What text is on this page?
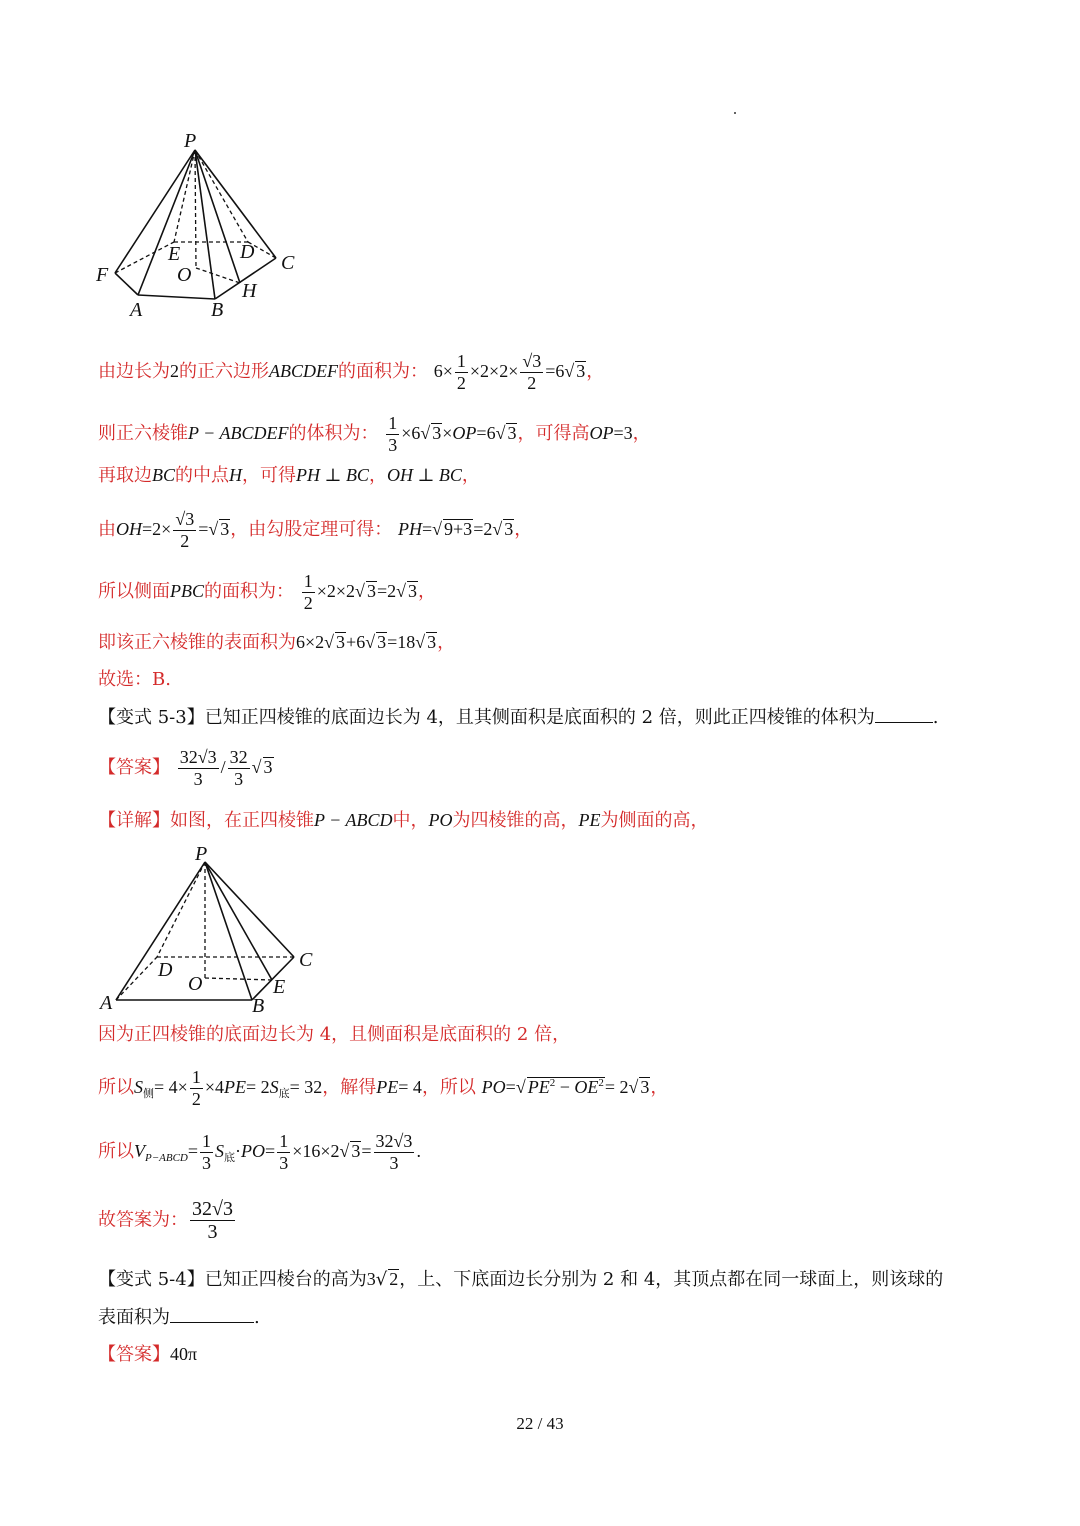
P
E	D C
F	O
H
A	B
由边长为2的正六边形ABCDEF的面积为： $6\times \frac{1}{2} \times 2\times 2\times \frac{√3}{2} =6√$ 3，
则正六棱锥P − ABCDEF的体积为： $\frac{1}{3} \times 6√$ 3×OP=6√ 3，可得高OP=3，
再取边BC的中点H，可得PH ⊥ BC，OH ⊥ BC，
由$OH=2\times \frac{√3}{2}$ =√ 3，由勾股定理可得： PH=√ 9+3=2√ 3，
所以侧面PBC的面积为： $\frac{1}{2} \times 2\times 2√$ 3=2√ 3，
即该正六棱锥的表面积为6×2√ 3+6√ 3=18√ 3，
故选：B.
【变式 5-3】已知正四棱锥的底面边长为 4，且其侧面积是底面积的 2 倍，则此正四棱锥的体积为	.
【答案】 $\frac{32√3}{3} / \frac{32}{3}$ √ 3
【详解】如图，在正四棱锥P − ABCD中，PO为四棱锥的高，PE为侧面的高，
P
D	C
O	E
A	B
因为正四棱锥的底面边长为 4，且侧面积是底面积的 2 倍，
所以$S_侧= 4\times \frac{1}{2} \times 4PE= 2S_底= 32$，解得PE= 4，所以 PO=√ $PE^2 - OE^2= 2√$ 3，
所以$V_{P-ABCD}= \frac{1}{3} S_底\cdot PO= \frac{1}{3} \times 16\times 2√$ $3= \frac{32√3}{3}$ .
故答案为： $\frac{32√3}{3}$
【变式 5-4】已知正四棱台的高为3√ 2，上、下底面边长分别为 2 和 4，其顶点都在同一球面上，则该球的
表面积为	.
【答案】40π
22 / 43
